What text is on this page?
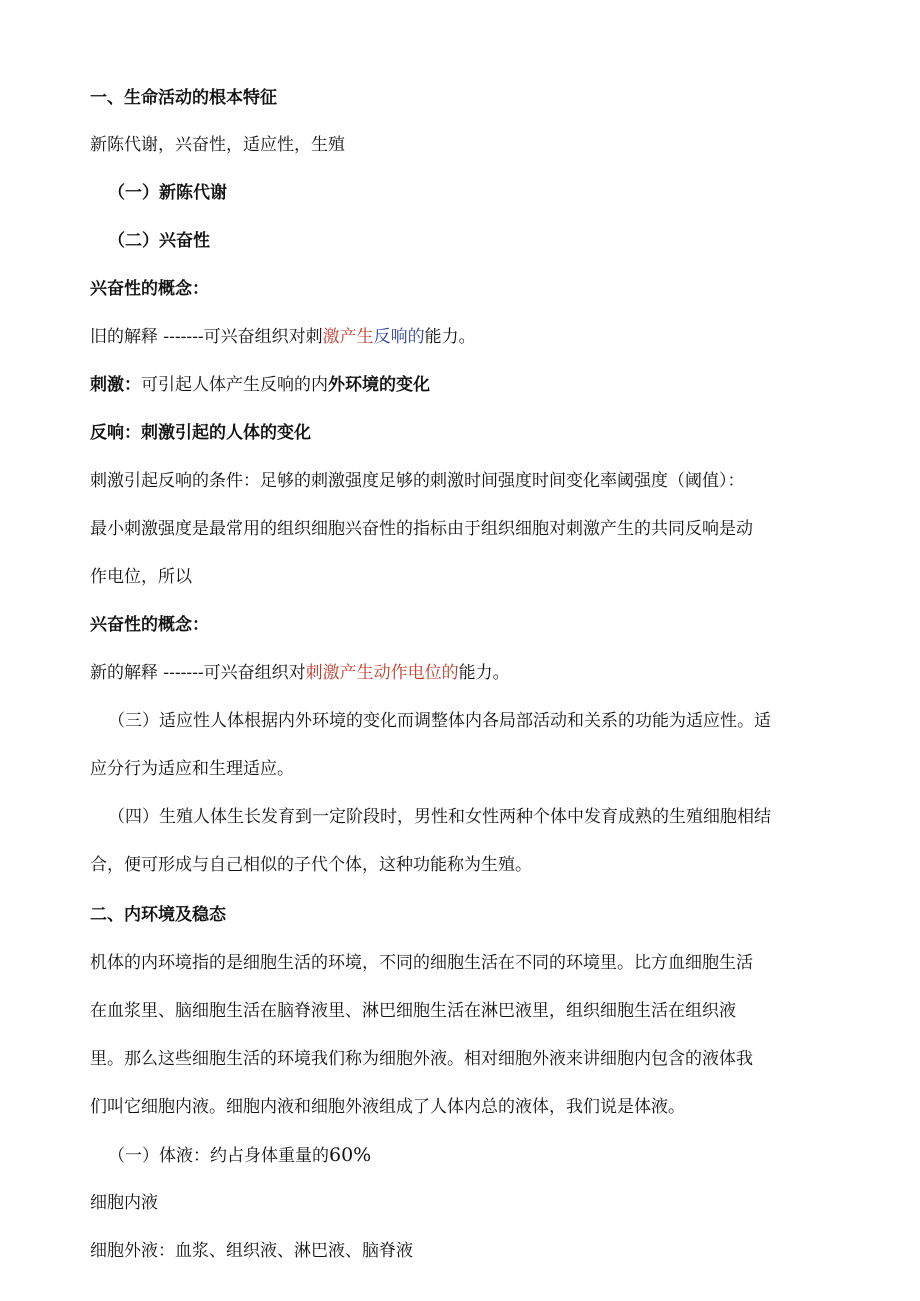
一、生命活动的根本特征

新陈代谢，兴奋性，适应性，生殖

（一）新陈代谢

（二）兴奋性

兴奋性的概念：

旧的解释 -------可兴奋组织对刺激产生反响的能力。

刺激：可引起人体产生反响的内外环境的变化

反响：刺激引起的人体的变化

刺激引起反响的条件：足够的刺激强度足够的刺激时间强度时间变化率阈强度（阈值）：

最小刺激强度是最常用的组织细胞兴奋性的指标由于组织细胞对刺激产生的共同反响是动

作电位，所以

兴奋性的概念：

新的解释 -------可兴奋组织对刺激产生动作电位的能力。

（三）适应性人体根据内外环境的变化而调整体内各局部活动和关系的功能为适应性。适

应分行为适应和生理适应。

（四）生殖人体生长发育到一定阶段时，男性和女性两种个体中发育成熟的生殖细胞相结

合，便可形成与自己相似的子代个体，这种功能称为生殖。

二、内环境及稳态

机体的内环境指的是细胞生活的环境，不同的细胞生活在不同的环境里。比方血细胞生活

在血浆里、脑细胞生活在脑脊液里、淋巴细胞生活在淋巴液里，组织细胞生活在组织液

里。那么这些细胞生活的环境我们称为细胞外液。相对细胞外液来讲细胞内包含的液体我

们叫它细胞内液。细胞内液和细胞外液组成了人体内总的液体，我们说是体液。

（一）体液：约占身体重量的60%

细胞内液

细胞外液：血浆、组织液、淋巴液、脑脊液
